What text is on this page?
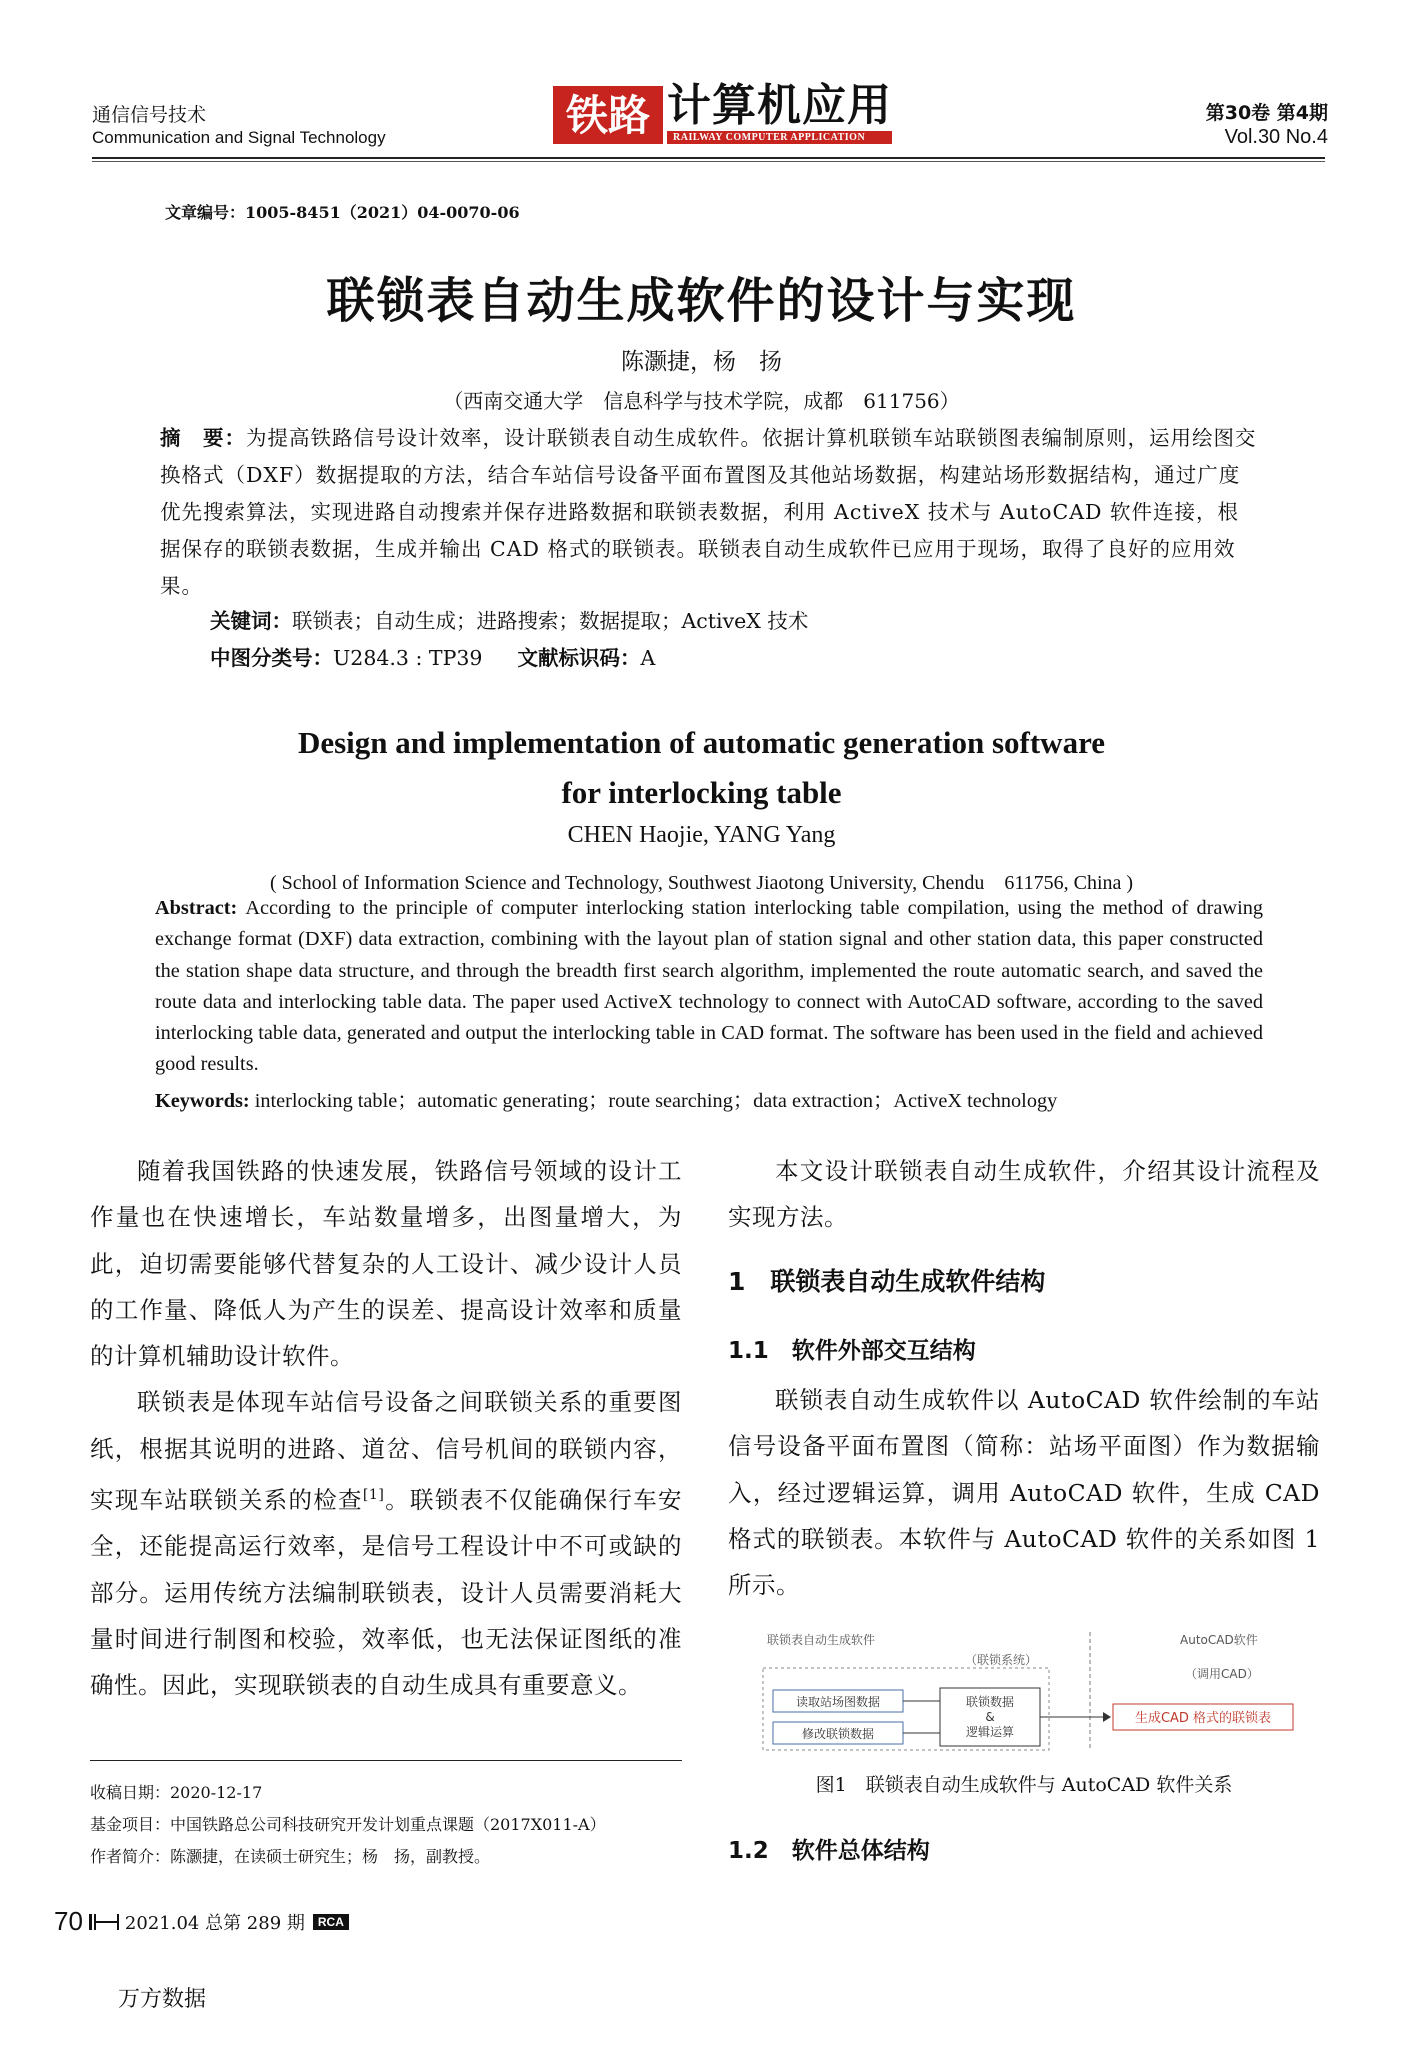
通信信号技术
Communication and Signal Technology	铁路 计算机应用
RAILWAY COMPUTER APPLICATION
第30卷 第4期
Vol.30 No.4
文章编号：1005-8451（2021）04-0070-06
联锁表自动生成软件的设计与实现
陈灏捷，杨　扬
（西南交通大学　信息科学与技术学院，成都　611756）
摘　要：为提高铁路信号设计效率，设计联锁表自动生成软件。依据计算机联锁车站联锁图表编制原则，运用绘图交换格式（DXF）数据提取的方法，结合车站信号设备平面布置图及其他站场数据，构建站场形数据结构，通过广度优先搜索算法，实现进路自动搜索并保存进路数据和联锁表数据，利用 ActiveX 技术与 AutoCAD 软件连接，根据保存的联锁表数据，生成并输出 CAD 格式的联锁表。联锁表自动生成软件已应用于现场，取得了良好的应用效果。
关键词：联锁表；自动生成；进路搜索；数据提取；ActiveX 技术
中图分类号：U284.3 : TP39 文献标识码：A
Design and implementation of automatic generation software
for interlocking table
CHEN Haojie, YANG Yang
( School of Information Science and Technology, Southwest Jiaotong University, Chendu　611756, China )
Abstract: According to the principle of computer interlocking station interlocking table compilation, using the method of drawing exchange format (DXF) data extraction, combining with the layout plan of station signal and other station data, this paper constructed the station shape data structure, and through the breadth first search algorithm, implemented the route automatic search, and saved the route data and interlocking table data. The paper used ActiveX technology to connect with AutoCAD software, according to the saved interlocking table data, generated and output the interlocking table in CAD format. The software has been used in the field and achieved good results.
Keywords: interlocking table；automatic generating；route searching；data extraction；ActiveX technology

随着我国铁路的快速发展，铁路信号领域的设计工作量也在快速增长，车站数量增多，出图量增大，为此，迫切需要能够代替复杂的人工设计、减少设计人员的工作量、降低人为产生的误差、提高设计效率和质量的计算机辅助设计软件。

联锁表是体现车站信号设备之间联锁关系的重要图纸，根据其说明的进路、道岔、信号机间的联锁内容，实现车站联锁关系的检查[1]。联锁表不仅能确保行车安全，还能提高运行效率，是信号工程设计中不可或缺的部分。运用传统方法编制联锁表，设计人员需要消耗大量时间进行制图和校验，效率低，也无法保证图纸的准确性。因此，实现联锁表的自动生成具有重要意义。

本文设计联锁表自动生成软件，介绍其设计流程及实现方法。

1　联锁表自动生成软件结构
1.1　软件外部交互结构

联锁表自动生成软件以 AutoCAD 软件绘制的车站信号设备平面布置图（简称：站场平面图）作为数据输入，经过逻辑运算，调用 AutoCAD 软件，生成 CAD 格式的联锁表。本软件与 AutoCAD 软件的关系如图 1 所示。

联锁表自动生成软件
（联锁系统）
AutoCAD软件
（调用CAD）
读取站场图数据
修改联锁数据
联锁数据
&
逻辑运算
生成CAD 格式的联锁表
图1　联锁表自动生成软件与 AutoCAD 软件关系
1.2　软件总体结构
收稿日期：2020-12-17
基金项目：中国铁路总公司科技研究开发计划重点课题（2017X011-A）
作者简介：陈灏捷，在读硕士研究生；杨　扬，副教授。
70 2021.04 总第 289 期	RCA
万方数据
